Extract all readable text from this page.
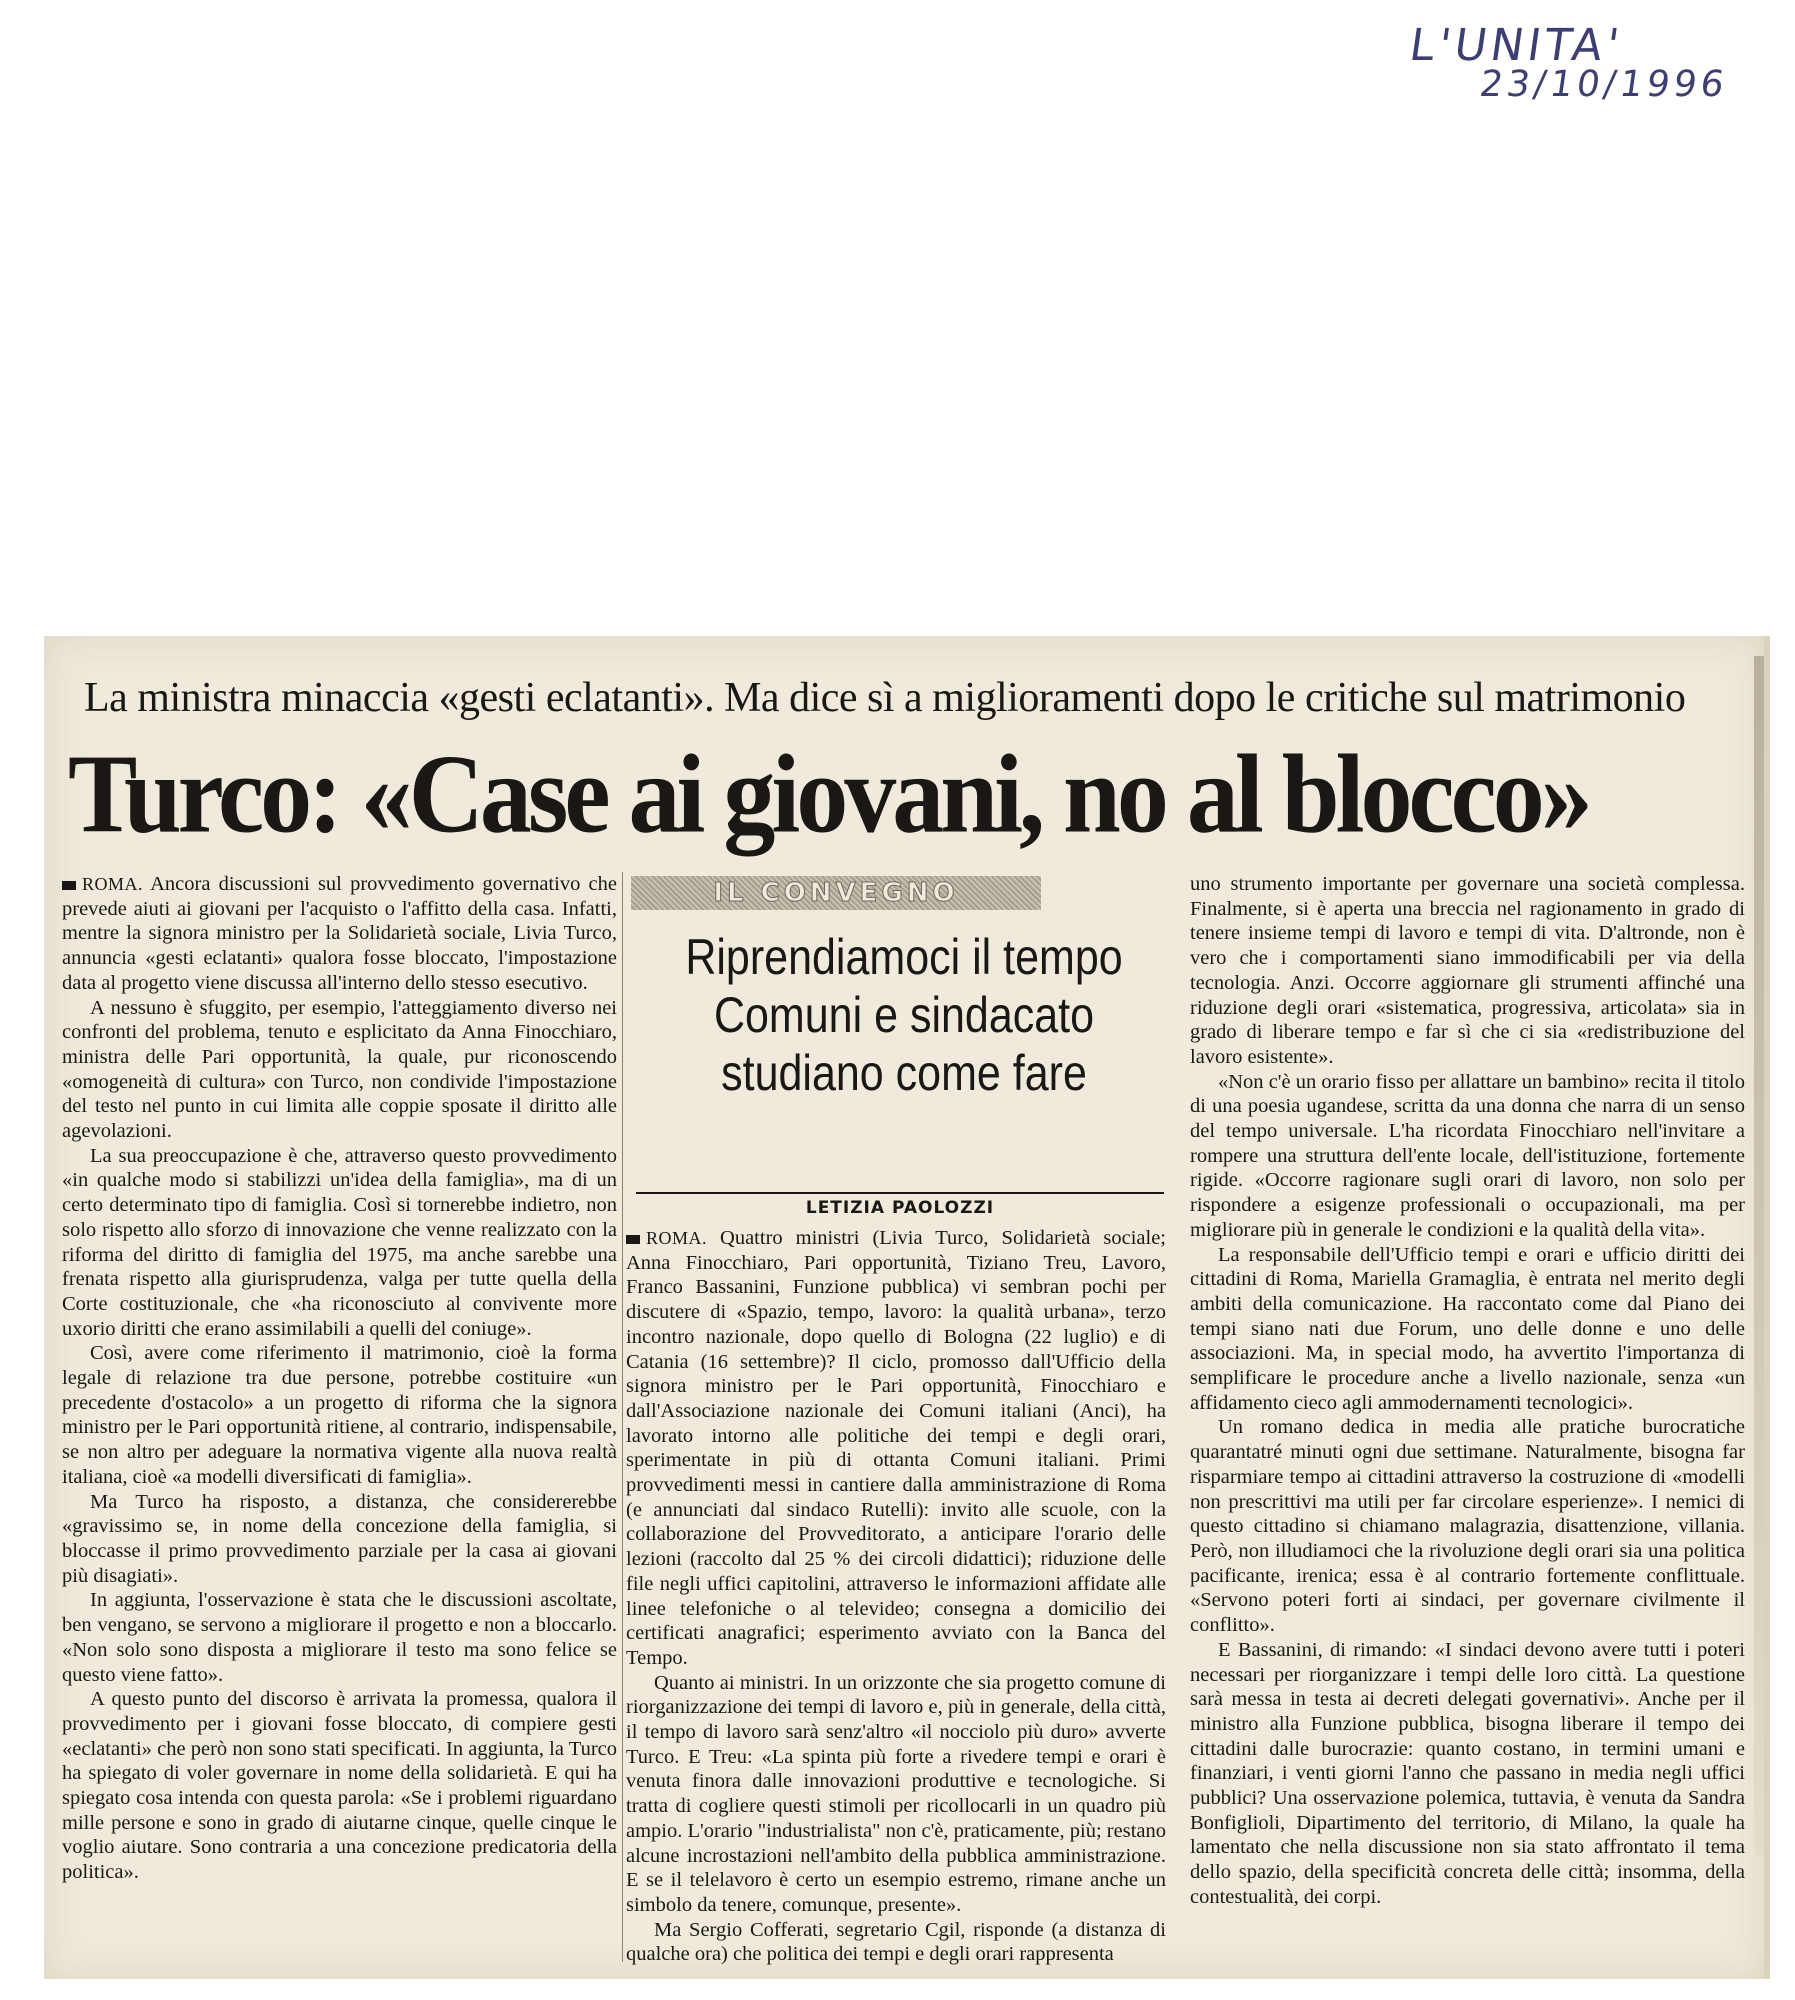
L'UNITA'
23/10/1996
La ministra minaccia «gesti eclatanti». Ma dice sì a miglioramenti dopo le critiche sul matrimonio
Turco: «Case ai giovani, no al blocco»

ROMA. Ancora discussioni sul provvedimento governativo che prevede aiuti ai giovani per l'acquisto o l'affitto della casa. Infatti, mentre la signora ministro per la Solidarietà sociale, Livia Turco, annuncia «gesti eclatanti» qualora fosse bloccato, l'impostazione data al progetto viene discussa all'interno dello stesso esecutivo.

A nessuno è sfuggito, per esempio, l'atteggiamento diverso nei confronti del problema, tenuto e esplicitato da Anna Finocchiaro, ministra delle Pari opportunità, la quale, pur riconoscendo «omogeneità di cultura» con Turco, non condivide l'impostazione del testo nel punto in cui limita alle coppie sposate il diritto alle agevolazioni.

La sua preoccupazione è che, attraverso questo provvedimento «in qualche modo si stabilizzi un'idea della famiglia», ma di un certo determinato tipo di famiglia. Così si tornerebbe indietro, non solo rispetto allo sforzo di innovazione che venne realizzato con la riforma del diritto di famiglia del 1975, ma anche sarebbe una frenata rispetto alla giurisprudenza, valga per tutte quella della Corte costituzionale, che «ha riconosciuto al convivente more uxorio diritti che erano assimilabili a quelli del coniuge».

Così, avere come riferimento il matrimonio, cioè la forma legale di relazione tra due persone, potrebbe costituire «un precedente d'ostacolo» a un progetto di riforma che la signora ministro per le Pari opportunità ritiene, al contrario, indispensabile, se non altro per adeguare la normativa vigente alla nuova realtà italiana, cioè «a modelli diversificati di famiglia».

Ma Turco ha risposto, a distanza, che considererebbe «gravissimo se, in nome della concezione della famiglia, si bloccasse il primo provvedimento parziale per la casa ai giovani più disagiati».

In aggiunta, l'osservazione è stata che le discussioni ascoltate, ben vengano, se servono a migliorare il progetto e non a bloccarlo. «Non solo sono disposta a migliorare il testo ma sono felice se questo viene fatto».

A questo punto del discorso è arrivata la promessa, qualora il provvedimento per i giovani fosse bloccato, di compiere gesti «eclatanti» che però non sono stati specificati. In aggiunta, la Turco ha spiegato di voler governare in nome della solidarietà. E qui ha spiegato cosa intenda con questa parola: «Se i problemi riguardano mille persone e sono in grado di aiutarne cinque, quelle cinque le voglio aiutare. Sono contraria a una concezione predicatoria della politica».

IL CONVEGNO
Riprendiamoci il tempo
Comuni e sindacato
studiano come fare
LETIZIA PAOLOZZI

ROMA. Quattro ministri (Livia Turco, Solidarietà sociale; Anna Finocchiaro, Pari opportunità, Tiziano Treu, Lavoro, Franco Bassanini, Funzione pubblica) vi sembran pochi per discutere di «Spazio, tempo, lavoro: la qualità urbana», terzo incontro nazionale, dopo quello di Bologna (22 luglio) e di Catania (16 settembre)? Il ciclo, promosso dall'Ufficio della signora ministro per le Pari opportunità, Finocchiaro e dall'Associazione nazionale dei Comuni italiani (Anci), ha lavorato intorno alle politiche dei tempi e degli orari, sperimentate in più di ottanta Comuni italiani. Primi provvedimenti messi in cantiere dalla amministrazione di Roma (e annunciati dal sindaco Rutelli): invito alle scuole, con la collaborazione del Provveditorato, a anticipare l'orario delle lezioni (raccolto dal 25 % dei circoli didattici); riduzione delle file negli uffici capitolini, attraverso le informazioni affidate alle linee telefoniche o al televideo; consegna a domicilio dei certificati anagrafici; esperimento avviato con la Banca del Tempo.

Quanto ai ministri. In un orizzonte che sia progetto comune di riorganizzazione dei tempi di lavoro e, più in generale, della città, il tempo di lavoro sarà senz'altro «il nocciolo più duro» avverte Turco. E Treu: «La spinta più forte a rivedere tempi e orari è venuta finora dalle innovazioni produttive e tecnologiche. Si tratta di cogliere questi stimoli per ricollocarli in un quadro più ampio. L'orario "industrialista" non c'è, praticamente, più; restano alcune incrostazioni nell'ambito della pubblica amministrazione. E se il telelavoro è certo un esempio estremo, rimane anche un simbolo da tenere, comunque, presente».

Ma Sergio Cofferati, segretario Cgil, risponde (a distanza di qualche ora) che politica dei tempi e degli orari rappresenta

uno strumento importante per governare una società complessa. Finalmente, si è aperta una breccia nel ragionamento in grado di tenere insieme tempi di lavoro e tempi di vita. D'altronde, non è vero che i comportamenti siano immodificabili per via della tecnologia. Anzi. Occorre aggiornare gli strumenti affinché una riduzione degli orari «sistematica, progressiva, articolata» sia in grado di liberare tempo e far sì che ci sia «redistribuzione del lavoro esistente».

«Non c'è un orario fisso per allattare un bambino» recita il titolo di una poesia ugandese, scritta da una donna che narra di un senso del tempo universale. L'ha ricordata Finocchiaro nell'invitare a rompere una struttura dell'ente locale, dell'istituzione, fortemente rigide. «Occorre ragionare sugli orari di lavoro, non solo per rispondere a esigenze professionali o occupazionali, ma per migliorare più in generale le condizioni e la qualità della vita».

La responsabile dell'Ufficio tempi e orari e ufficio diritti dei cittadini di Roma, Mariella Gramaglia, è entrata nel merito degli ambiti della comunicazione. Ha raccontato come dal Piano dei tempi siano nati due Forum, uno delle donne e uno delle associazioni. Ma, in special modo, ha avvertito l'importanza di semplificare le procedure anche a livello nazionale, senza «un affidamento cieco agli ammodernamenti tecnologici».

Un romano dedica in media alle pratiche burocratiche quarantatré minuti ogni due settimane. Naturalmente, bisogna far risparmiare tempo ai cittadini attraverso la costruzione di «modelli non prescrittivi ma utili per far circolare esperienze». I nemici di questo cittadino si chiamano malagrazia, disattenzione, villania. Però, non illudiamoci che la rivoluzione degli orari sia una politica pacificante, irenica; essa è al contrario fortemente conflittuale. «Servono poteri forti ai sindaci, per governare civilmente il conflitto».

E Bassanini, di rimando: «I sindaci devono avere tutti i poteri necessari per riorganizzare i tempi delle loro città. La questione sarà messa in testa ai decreti delegati governativi». Anche per il ministro alla Funzione pubblica, bisogna liberare il tempo dei cittadini dalle burocrazie: quanto costano, in termini umani e finanziari, i venti giorni l'anno che passano in media negli uffici pubblici? Una osservazione polemica, tuttavia, è venuta da Sandra Bonfiglioli, Dipartimento del territorio, di Milano, la quale ha lamentato che nella discussione non sia stato affrontato il tema dello spazio, della specificità concreta delle città; insomma, della contestualità, dei corpi.
